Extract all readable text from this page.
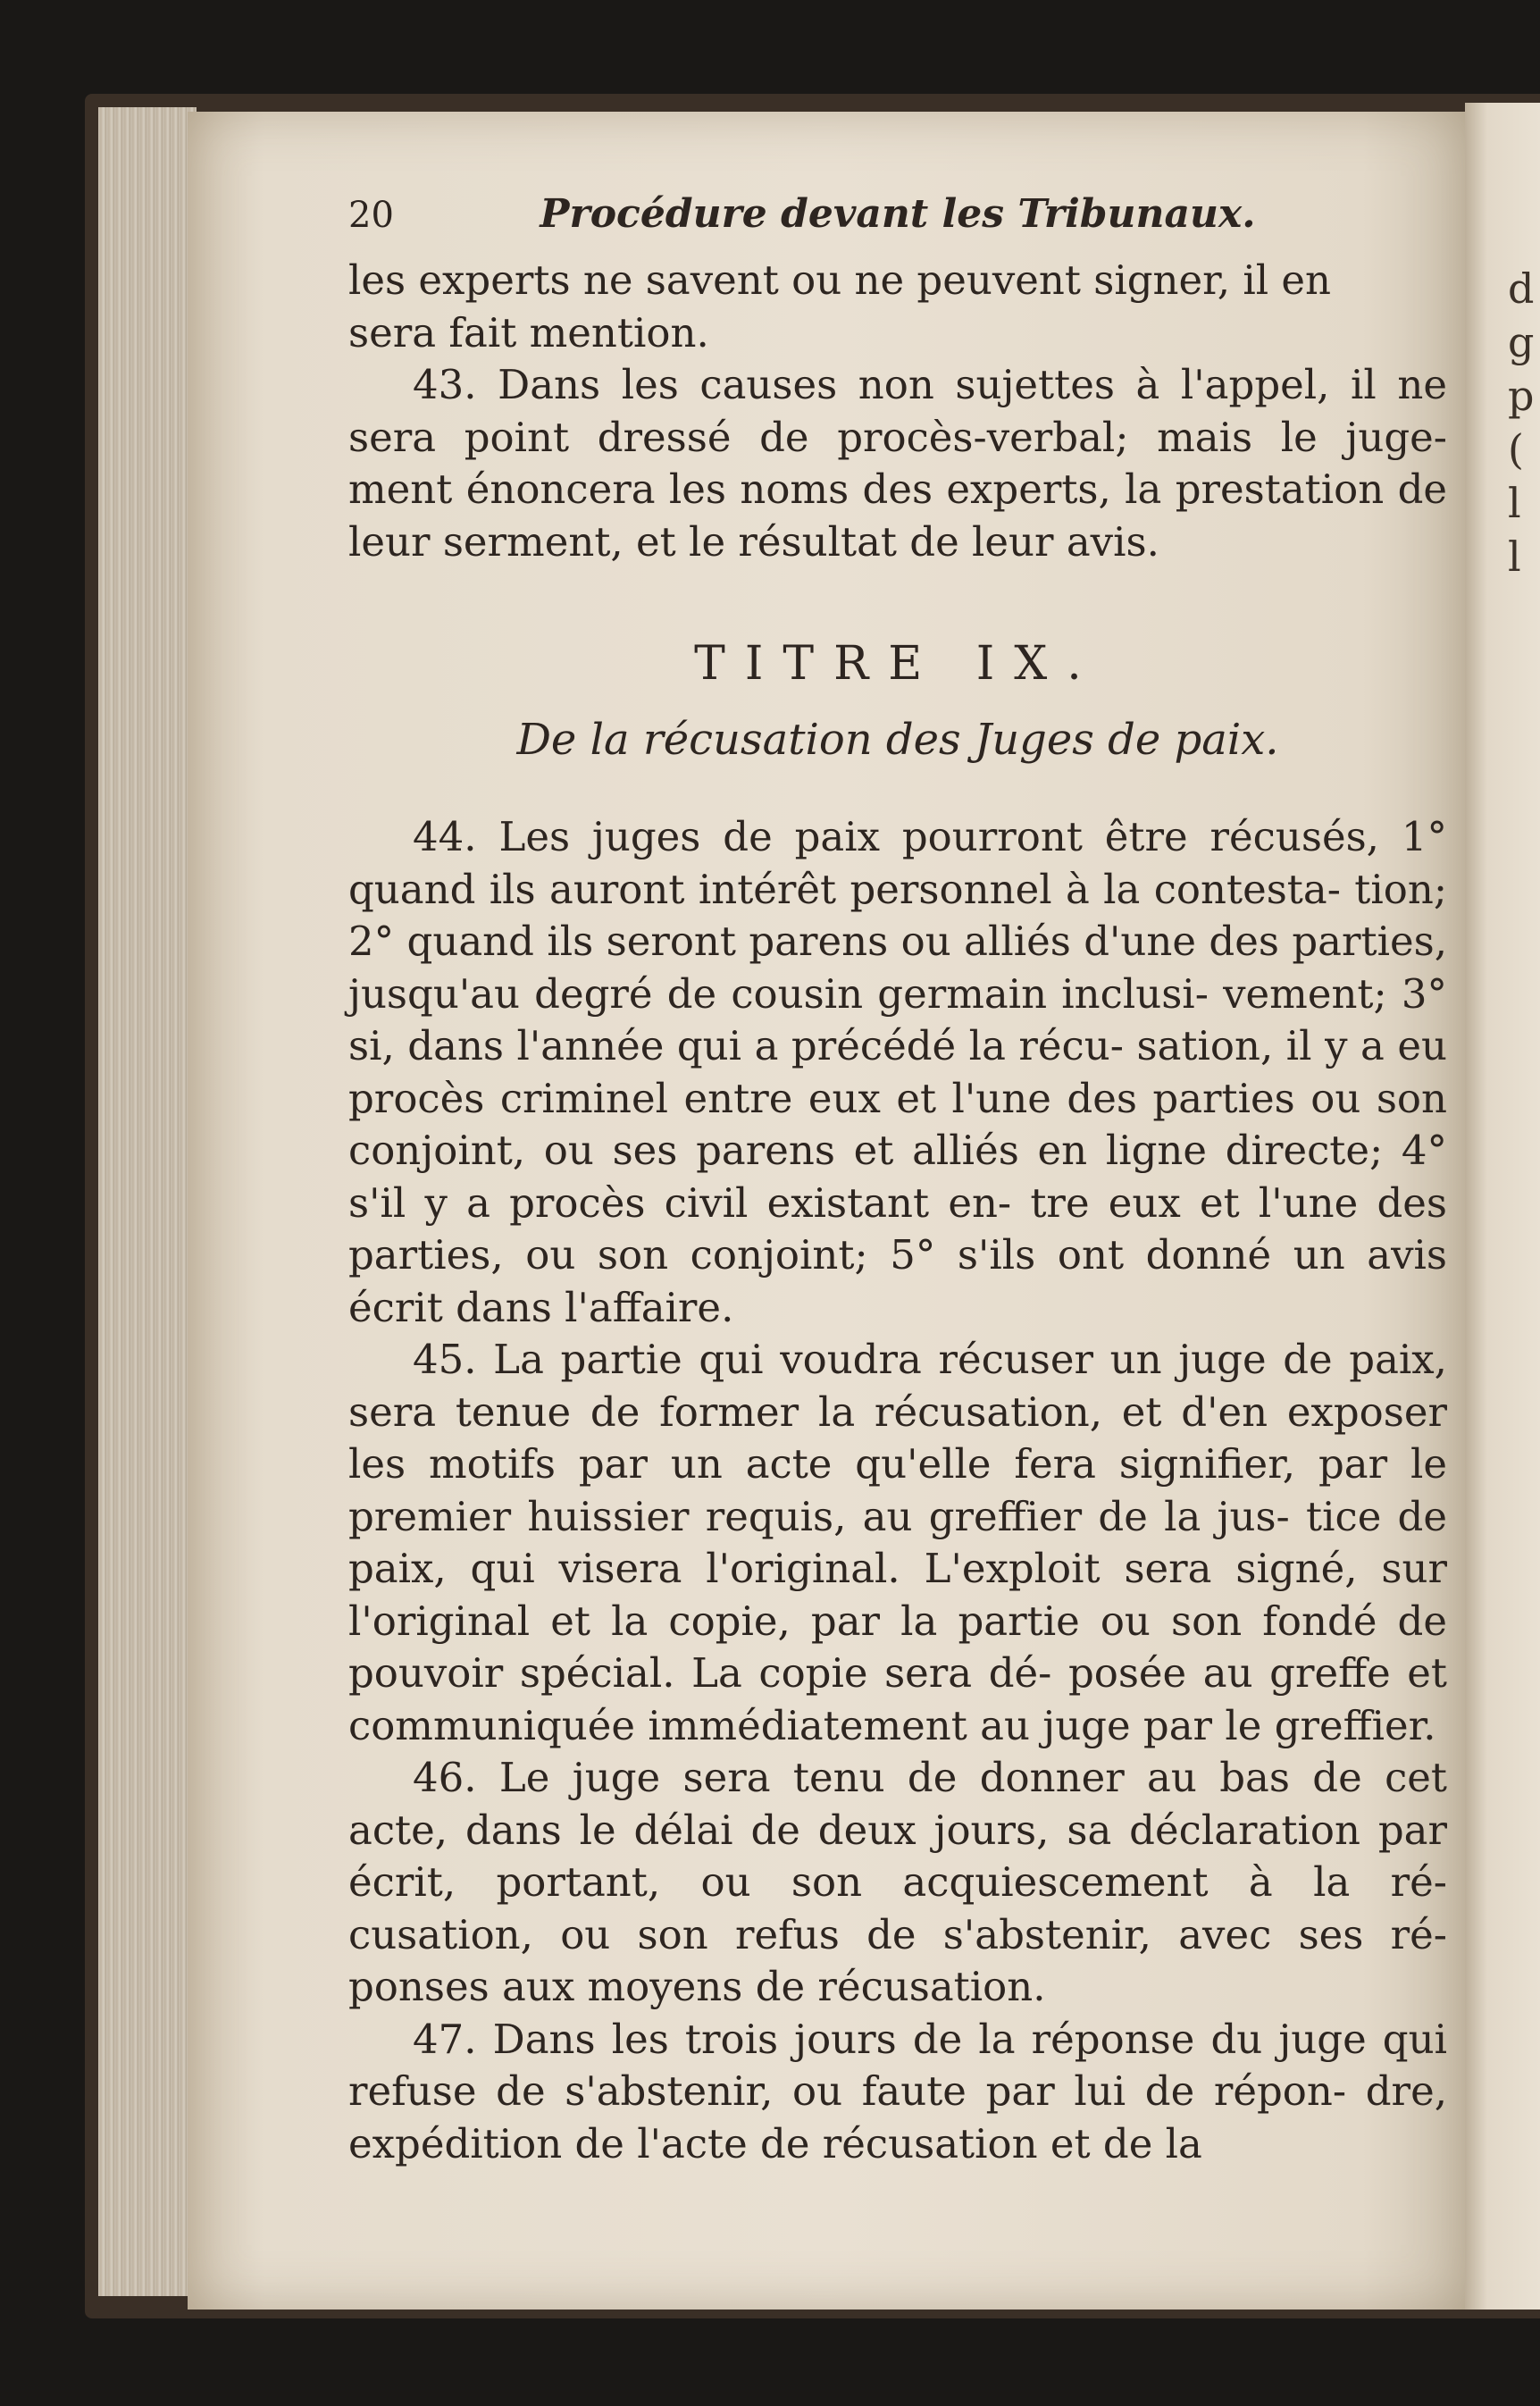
d
g
p
(
l
l
20	Procédure devant les Tribunaux.

les experts ne savent ou ne peuvent signer, il en
sera fait mention.

43. Dans les causes non sujettes à l'appel, il ne sera point dressé de procès-verbal; mais le juge- ment énoncera les noms des experts, la prestation de leur serment, et le résultat de leur avis.

TITRE IX.
De la récusation des Juges de paix.

44. Les juges de paix pourront être récusés, 1° quand ils auront intérêt personnel à la contesta- tion; 2° quand ils seront parens ou alliés d'une des parties, jusqu'au degré de cousin germain inclusi- vement; 3° si, dans l'année qui a précédé la récu- sation, il y a eu procès criminel entre eux et l'une des parties ou son conjoint, ou ses parens et alliés en ligne directe; 4° s'il y a procès civil existant en- tre eux et l'une des parties, ou son conjoint; 5° s'ils ont donné un avis écrit dans l'affaire.

45. La partie qui voudra récuser un juge de paix, sera tenue de former la récusation, et d'en exposer les motifs par un acte qu'elle fera signifier, par le premier huissier requis, au greffier de la jus- tice de paix, qui visera l'original. L'exploit sera signé, sur l'original et la copie, par la partie ou son fondé de pouvoir spécial. La copie sera dé- posée au greffe et communiquée immédiatement au juge par le greffier.

46. Le juge sera tenu de donner au bas de cet acte, dans le délai de deux jours, sa déclaration par écrit, portant, ou son acquiescement à la ré- cusation, ou son refus de s'abstenir, avec ses ré- ponses aux moyens de récusation.

47. Dans les trois jours de la réponse du juge qui refuse de s'abstenir, ou faute par lui de répon- dre, expédition de l'acte de récusation et de la
